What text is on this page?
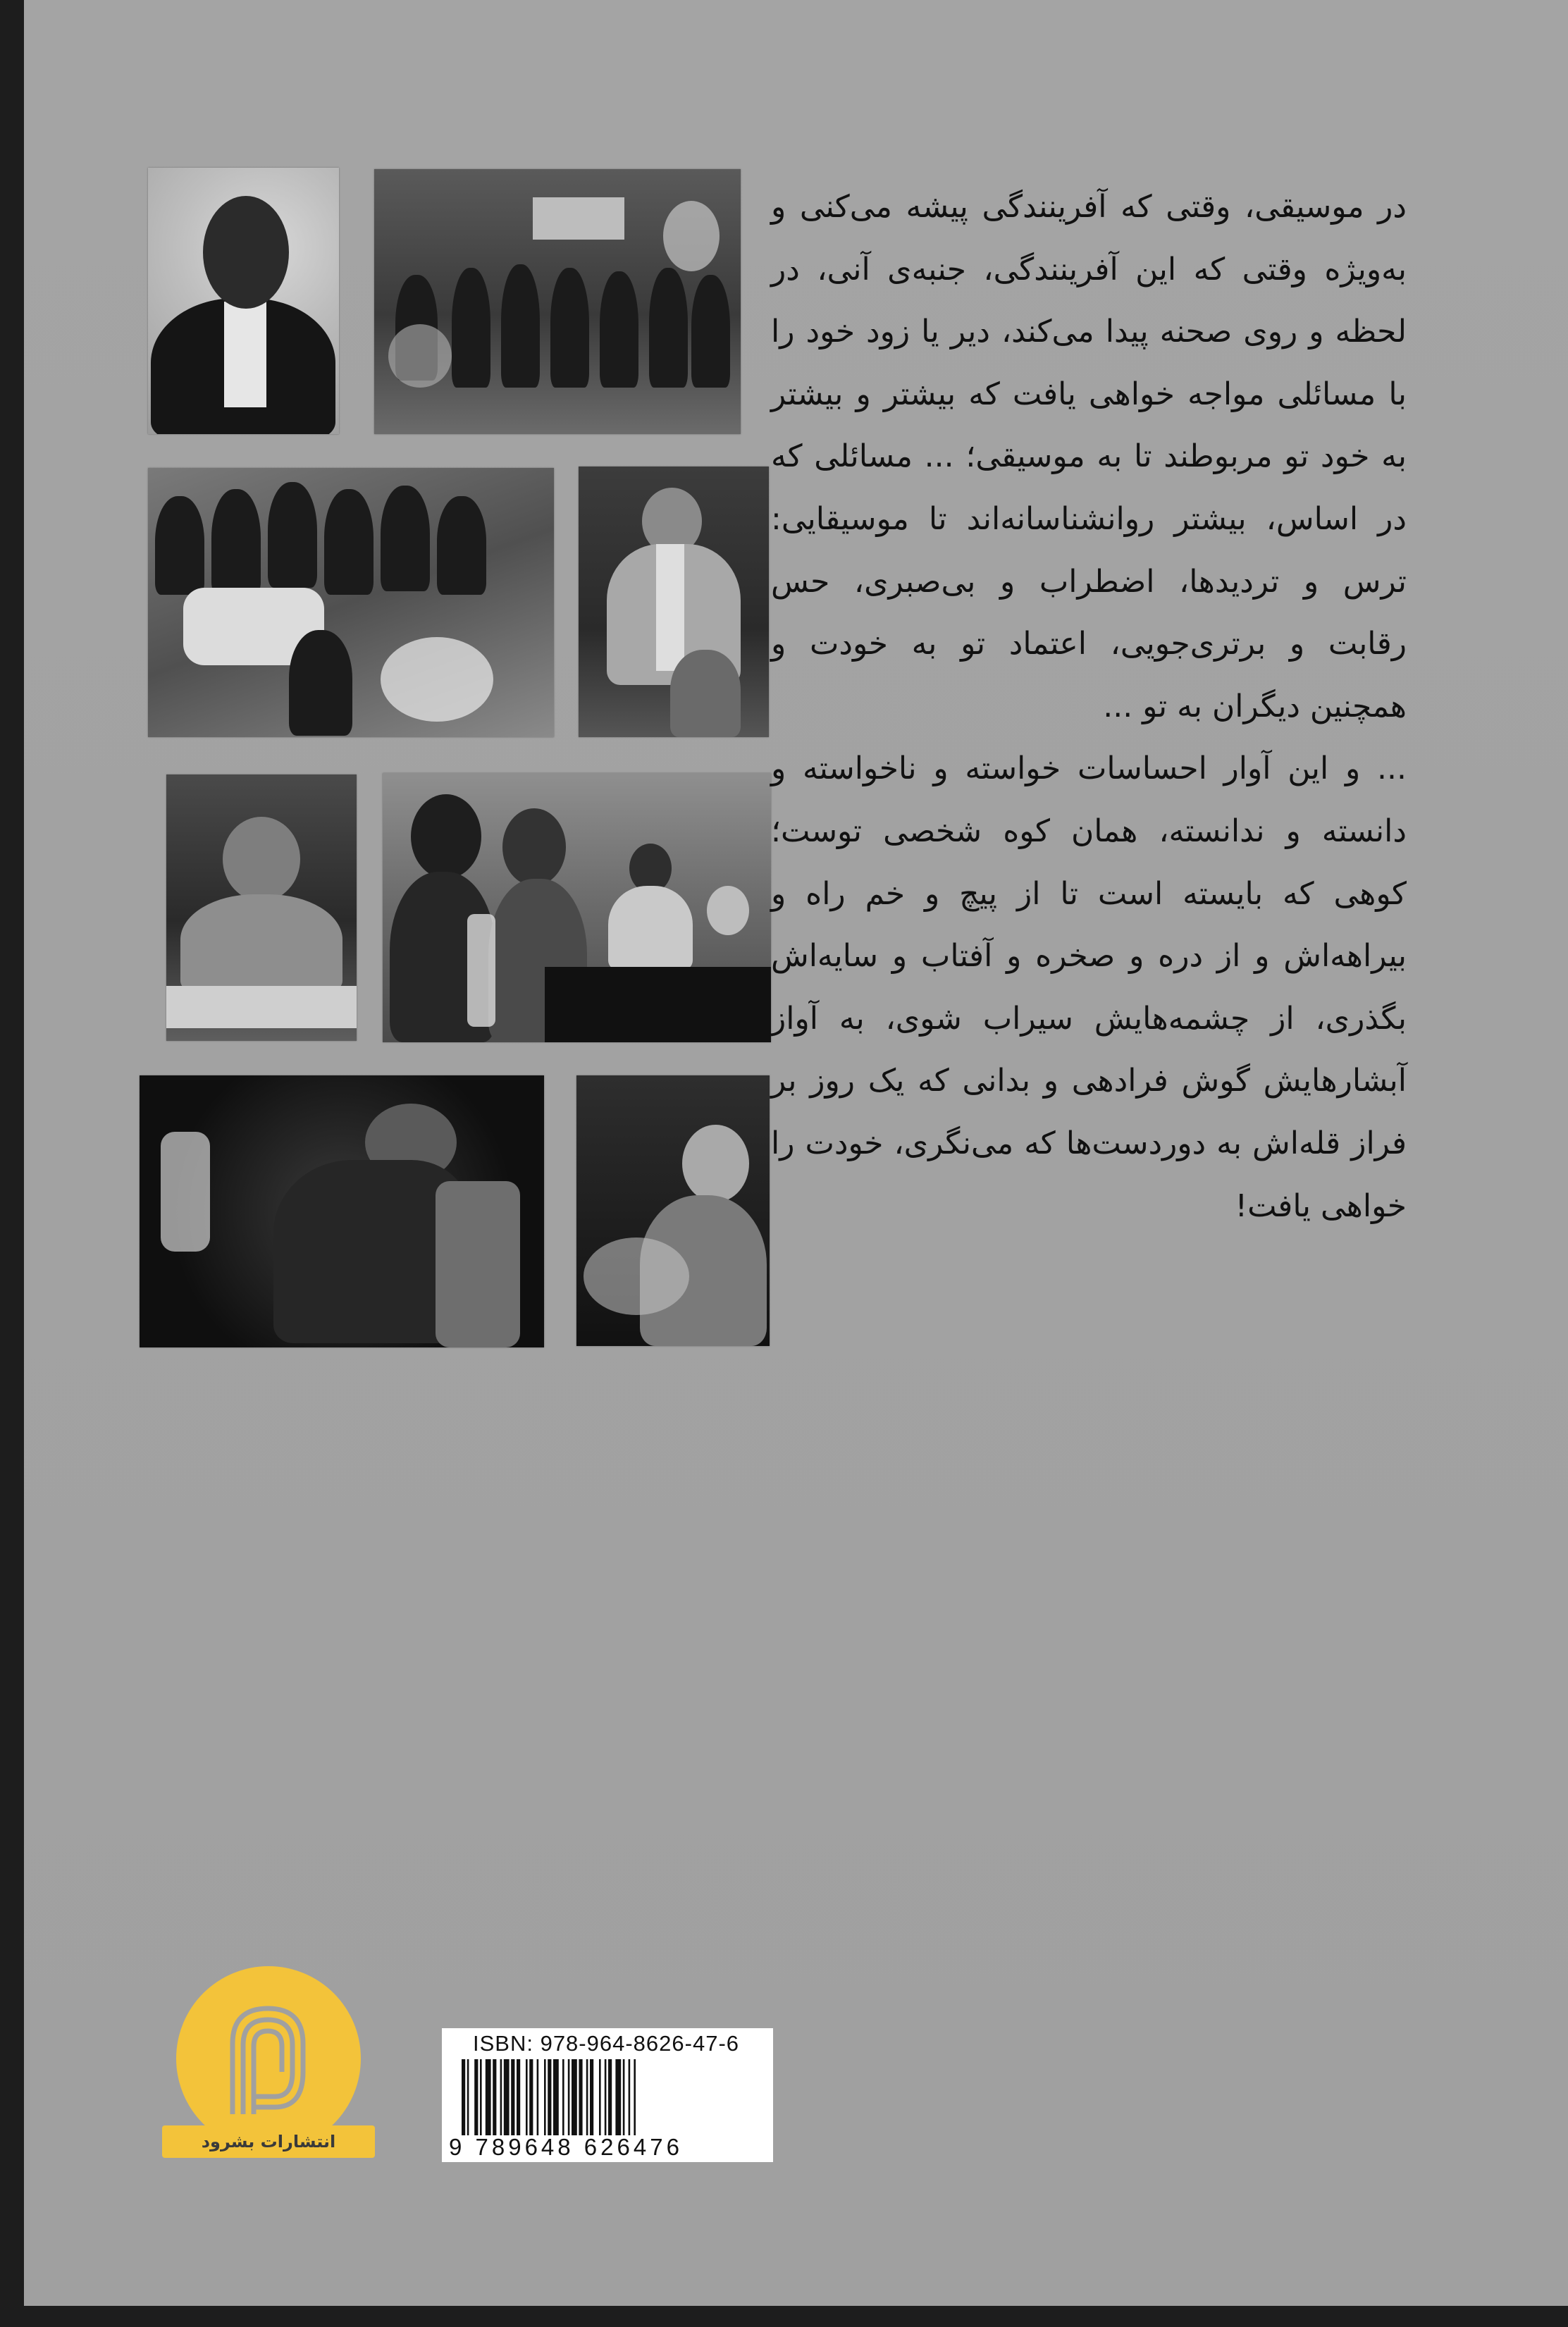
در موسیقی، وقتی که آفرینندگی پیشه می‌کنی و به‌ویژه وقتی که این آفرینندگی، جنبه‌ی آنی، در لحظه و روی صحنه پیدا می‌کند، دیر یا زود خود را با مسائلی مواجه خواهی یافت که بیشتر و بیشتر به خود تو مربوطند تا به موسیقی؛ ... مسائلی که در اساس، بیشتر روانشناسانه‌اند تا موسیقایی: ترس و تردیدها، اضطراب و بی‌صبری، حس رقابت و برتری‌جویی، اعتماد تو به خودت و همچنین دیگران به تو ...

... و این آوار احساسات خواسته و ناخواسته و دانسته و ندانسته، همان کوه شخصی توست؛ کوهی که بایسته است تا از پیچ و خم راه و بیراهه‌اش و از دره و صخره و آفتاب و سایه‌اش بگذری، از چشمه‌هایش سیراب شوی، به آواز آبشارهایش گوش فرادهی و بدانی که یک روز بر فراز قله‌اش به دوردست‌ها که می‌نگری، خودت را خواهی یافت!

انتشارات بشرود
ISBN: 978-964-8626-47-6
9 789648 626476
